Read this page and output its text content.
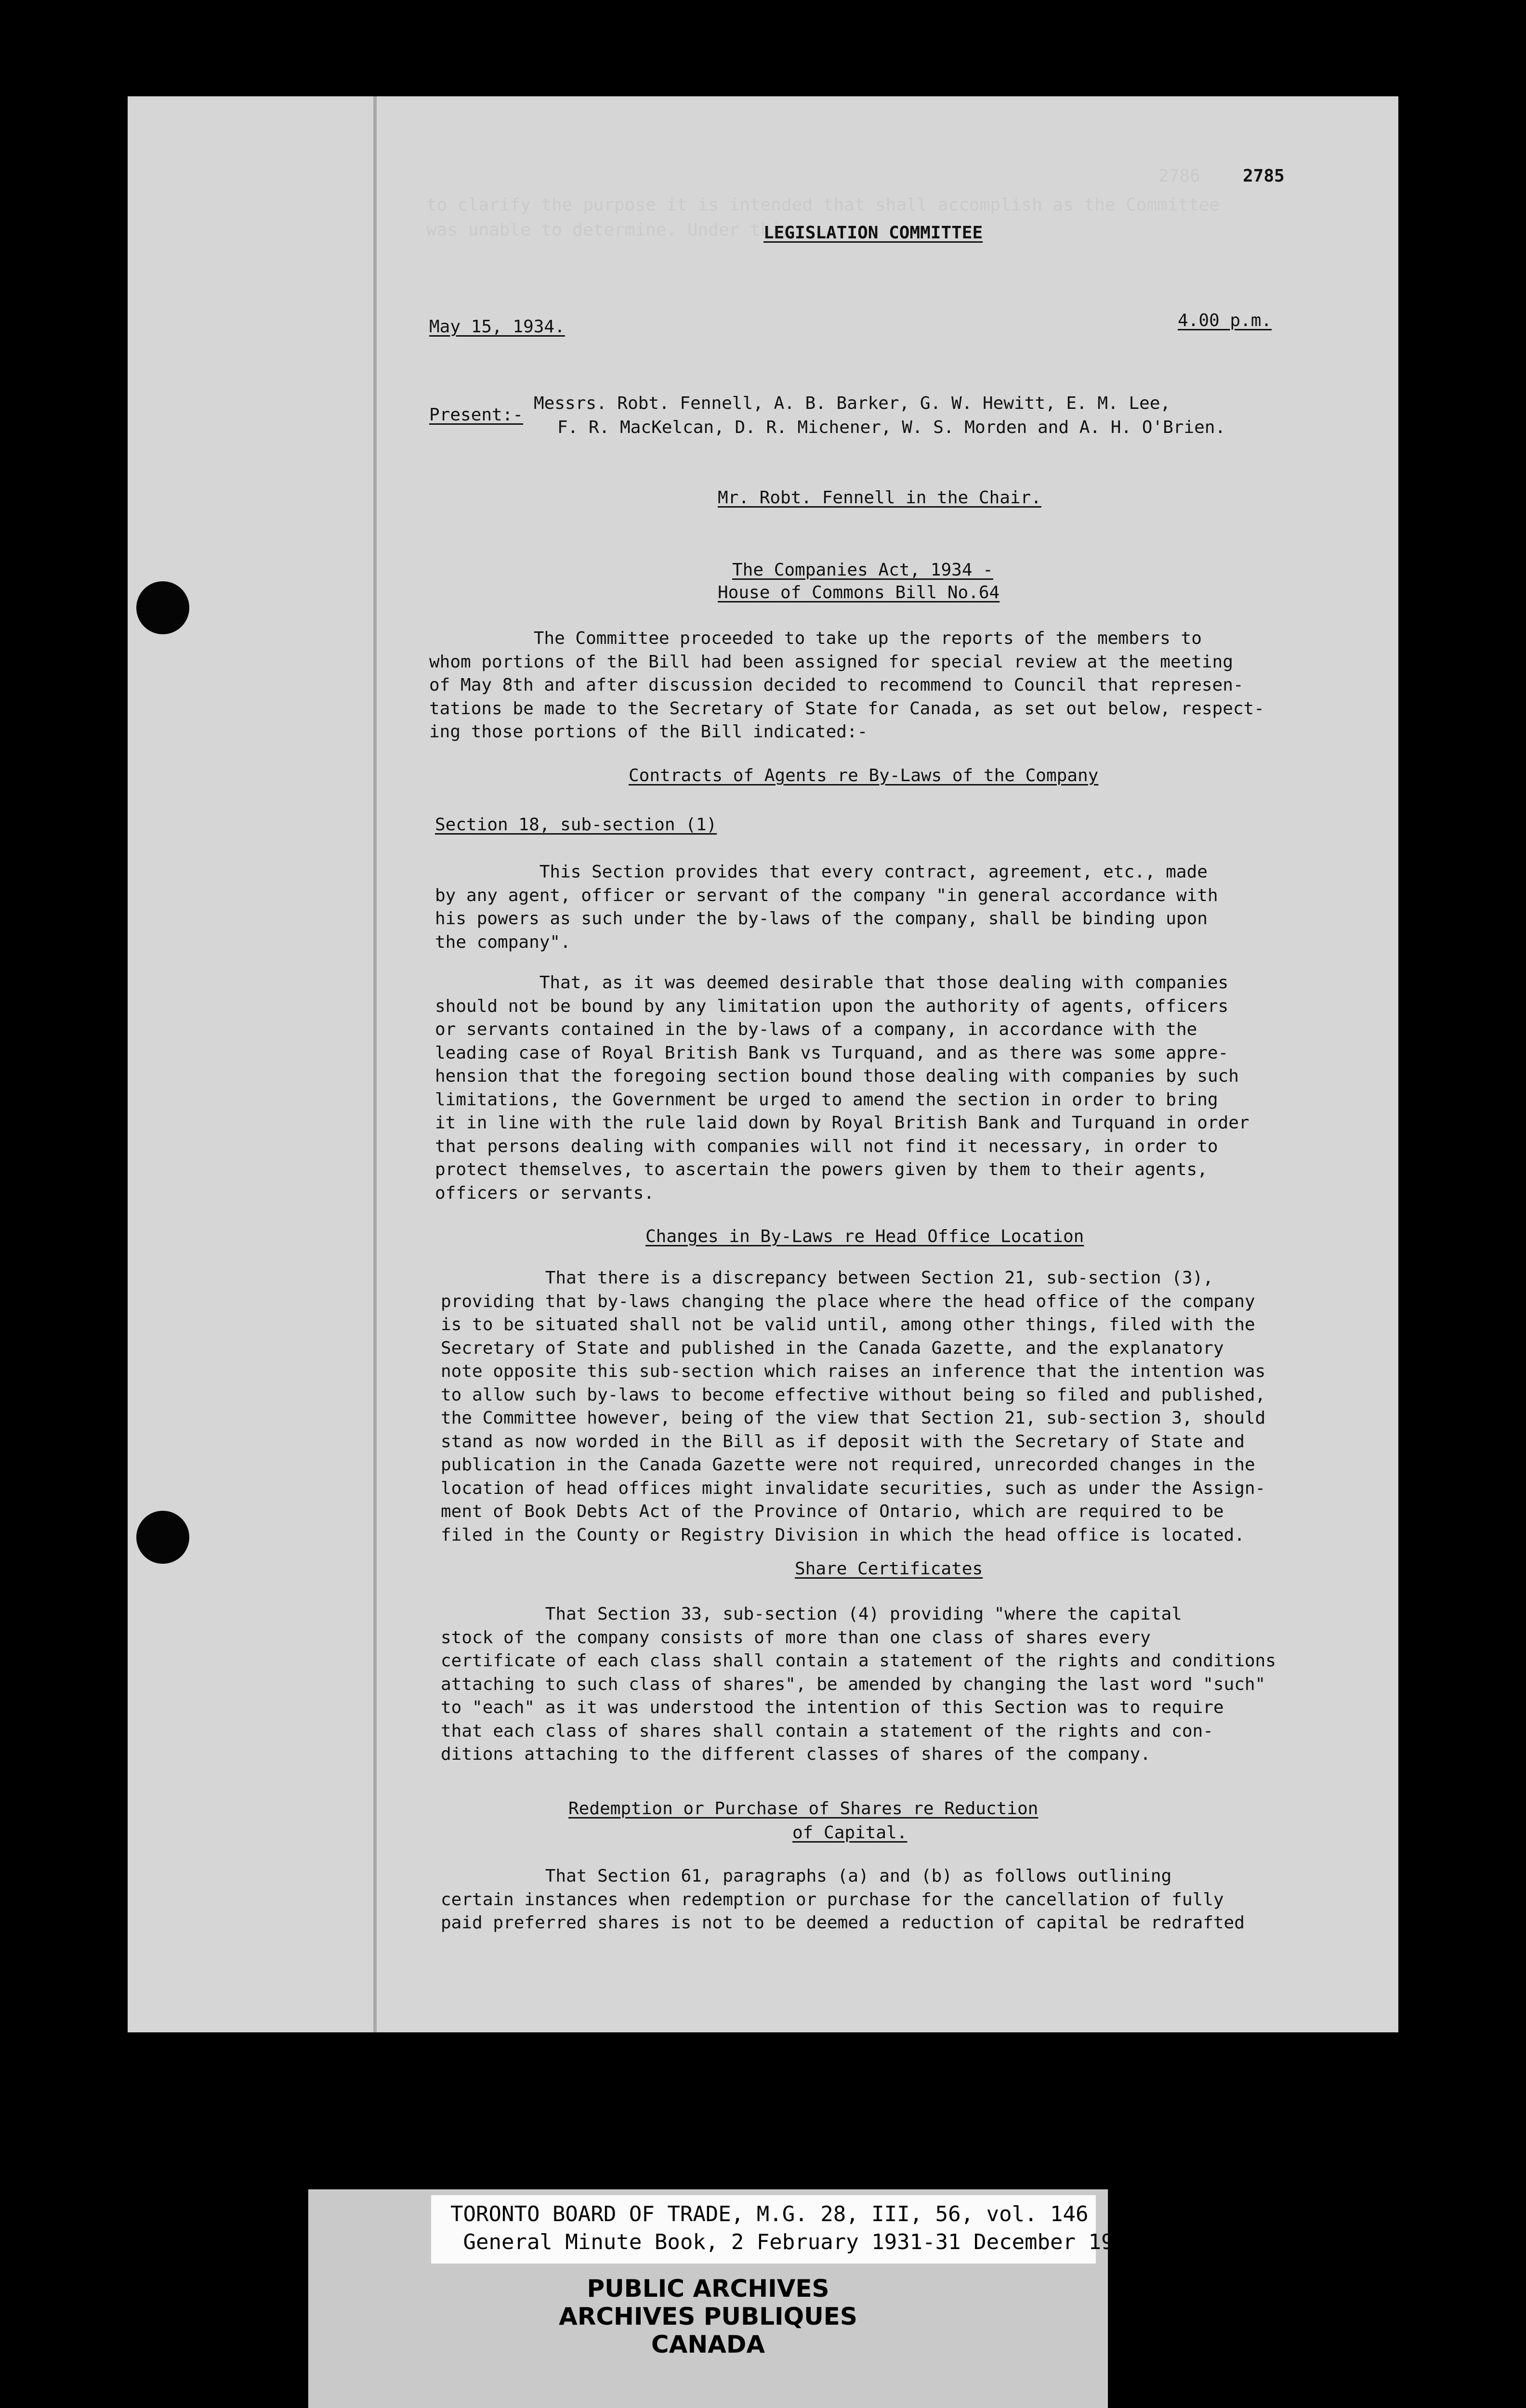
2786
to clarify the purpose it is intended that shall accomplish as the Committee
was unable to determine. Under this
2785
LEGISLATION COMMITTEE
May 15, 1934.	4.00 p.m.
Present:-
Messrs. Robt. Fennell, A. B. Barker, G. W. Hewitt, E. M. Lee,
F. R. MacKelcan, D. R. Michener, W. S. Morden and A. H. O'Brien.
Mr. Robt. Fennell in the Chair.
The Companies Act, 1934 -
House of Commons Bill No.64
The Committee proceeded to take up the reports of the members to
whom portions of the Bill had been assigned for special review at the meeting
of May 8th and after discussion decided to recommend to Council that represen-
tations be made to the Secretary of State for Canada, as set out below, respect-
ing those portions of the Bill indicated:-
Contracts of Agents re By-Laws of the Company
Section 18, sub-section (1)
This Section provides that every contract, agreement, etc., made
by any agent, officer or servant of the company "in general accordance with
his powers as such under the by-laws of the company, shall be binding upon
the company".
That, as it was deemed desirable that those dealing with companies
should not be bound by any limitation upon the authority of agents, officers
or servants contained in the by-laws of a company, in accordance with the
leading case of Royal British Bank vs Turquand, and as there was some appre-
hension that the foregoing section bound those dealing with companies by such
limitations, the Government be urged to amend the section in order to bring
it in line with the rule laid down by Royal British Bank and Turquand in order
that persons dealing with companies will not find it necessary, in order to
protect themselves, to ascertain the powers given by them to their agents,
officers or servants.
Changes in By-Laws re Head Office Location
That there is a discrepancy between Section 21, sub-section (3),
providing that by-laws changing the place where the head office of the company
is to be situated shall not be valid until, among other things, filed with the
Secretary of State and published in the Canada Gazette, and the explanatory
note opposite this sub-section which raises an inference that the intention was
to allow such by-laws to become effective without being so filed and published,
the Committee however, being of the view that Section 21, sub-section 3, should
stand as now worded in the Bill as if deposit with the Secretary of State and
publication in the Canada Gazette were not required, unrecorded changes in the
location of head offices might invalidate securities, such as under the Assign-
ment of Book Debts Act of the Province of Ontario, which are required to be
filed in the County or Registry Division in which the head office is located.
Share Certificates
That Section 33, sub-section (4) providing "where the capital
stock of the company consists of more than one class of shares every
certificate of each class shall contain a statement of the rights and conditions
attaching to such class of shares", be amended by changing the last word "such"
to "each" as it was understood the intention of this Section was to require
that each class of shares shall contain a statement of the rights and con-
ditions attaching to the different classes of shares of the company.
Redemption or Purchase of Shares re Reduction
of Capital.
That Section 61, paragraphs (a) and (b) as follows outlining
certain instances when redemption or purchase for the cancellation of fully
paid preferred shares is not to be deemed a reduction of capital be redrafted
PUBLIC ARCHIVES
ARCHIVES PUBLIQUES
CANADA
TORONTO BOARD OF TRADE, M.G. 28, III, 56, vol. 146
General Minute Book, 2 February 1931-31 December 1934
